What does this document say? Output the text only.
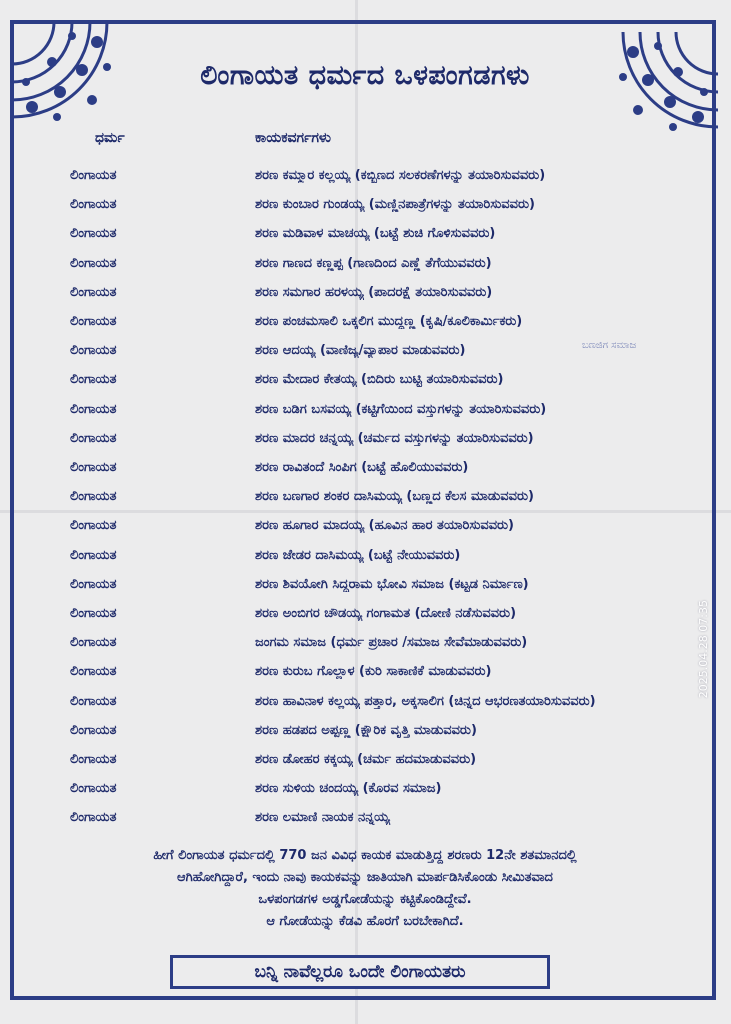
ಲಿಂಗಾಯತ ಧರ್ಮದ ಒಳಪಂಗಡಗಳು
ಧರ್ಮ	ಕಾಯಕವರ್ಗಗಳು
ಲಿಂಗಾಯತ	ಶರಣ ಕಮ್ಮಾರ ಕಲ್ಲಯ್ಯ (ಕಬ್ಬಿಣದ ಸಲಕರಣೆಗಳನ್ನು ತಯಾರಿಸುವವರು)
ಲಿಂಗಾಯತ	ಶರಣ ಕುಂಬಾರ ಗುಂಡಯ್ಯ (ಮಣ್ಣಿನಪಾತ್ರೆಗಳನ್ನು ತಯಾರಿಸುವವರು)
ಲಿಂಗಾಯತ	ಶರಣ ಮಡಿವಾಳ ಮಾಚಯ್ಯ (ಬಟ್ಟೆ ಶುಚಿ ಗೊಳಿಸುವವರು)
ಲಿಂಗಾಯತ	ಶರಣ ಗಾಣದ ಕಣ್ಣಪ್ಪ (ಗಾಣದಿಂದ ಎಣ್ಣೆ ತೆಗೆಯುವವರು)
ಲಿಂಗಾಯತ	ಶರಣ ಸಮಗಾರ ಹರಳಯ್ಯ (ಪಾದರಕ್ಷೆ ತಯಾರಿಸುವವರು)
ಲಿಂಗಾಯತ	ಶರಣ ಪಂಚಮಸಾಲಿ ಒಕ್ಕಲಿಗ ಮುದ್ದಣ್ಣ (ಕೃಷಿ/ಕೂಲಿಕಾರ್ಮಿಕರು)
ಲಿಂಗಾಯತ	ಶರಣ ಆದಯ್ಯ (ವಾಣಿಜ್ಯ/ವ್ಯಾಪಾರ ಮಾಡುವವರು)
ಲಿಂಗಾಯತ	ಶರಣ ಮೇದಾರ ಕೇತಯ್ಯ (ಬಿದಿರು ಬುಟ್ಟಿ ತಯಾರಿಸುವವರು)
ಲಿಂಗಾಯತ	ಶರಣ ಬಡಿಗ ಬಸವಯ್ಯ (ಕಟ್ಟಿಗೆಯಿಂದ ವಸ್ತುಗಳನ್ನು ತಯಾರಿಸುವವರು)
ಲಿಂಗಾಯತ	ಶರಣ ಮಾದರ ಚನ್ನಯ್ಯ (ಚರ್ಮದ ವಸ್ತುಗಳನ್ನು ತಯಾರಿಸುವವರು)
ಲಿಂಗಾಯತ	ಶರಣ ರಾವಿತಂದೆ ಸಿಂಪಿಗ (ಬಟ್ಟೆ ಹೊಲಿಯುವವರು)
ಲಿಂಗಾಯತ	ಶರಣ ಬಣಗಾರ ಶಂಕರ ದಾಸಿಮಯ್ಯ (ಬಣ್ಣದ ಕೆಲಸ ಮಾಡುವವರು)
ಲಿಂಗಾಯತ	ಶರಣ ಹೂಗಾರ ಮಾದಯ್ಯ (ಹೂವಿನ ಹಾರ ತಯಾರಿಸುವವರು)
ಲಿಂಗಾಯತ	ಶರಣ ಜೇಡರ ದಾಸಿಮಯ್ಯ (ಬಟ್ಟೆ ನೇಯುವವರು)
ಲಿಂಗಾಯತ	ಶರಣ ಶಿವಯೋಗಿ ಸಿದ್ಧರಾಮ ಭೋವಿ ಸಮಾಜ (ಕಟ್ಟಡ ನಿರ್ಮಾಣ)
ಲಿಂಗಾಯತ	ಶರಣ ಅಂಬಿಗರ ಚೌಡಯ್ಯ ಗಂಗಾಮತ (ದೋಣಿ ನಡೆಸುವವರು)
ಲಿಂಗಾಯತ	ಜಂಗಮ ಸಮಾಜ (ಧರ್ಮ ಪ್ರಚಾರ /ಸಮಾಜ ಸೇವೆಮಾಡುವವರು)
ಲಿಂಗಾಯತ	ಶರಣ ಕುರುಬ ಗೊಲ್ಲಾಳ (ಕುರಿ ಸಾಕಾಣಿಕೆ ಮಾಡುವವರು)
ಲಿಂಗಾಯತ	ಶರಣ ಹಾವಿನಾಳ ಕಲ್ಲಯ್ಯ ಪತ್ತಾರ, ಅಕ್ಕಸಾಲಿಗ (ಚಿನ್ನದ ಆಭರಣತಯಾರಿಸುವವರು)
ಲಿಂಗಾಯತ	ಶರಣ ಹಡಪದ ಅಪ್ಪಣ್ಣ (ಕ್ಷೌರಿಕ ವೃತ್ತಿ ಮಾಡುವವರು)
ಲಿಂಗಾಯತ	ಶರಣ ಡೋಹರ ಕಕ್ಕಯ್ಯ (ಚರ್ಮ ಹದಮಾಡುವವರು)
ಲಿಂಗಾಯತ	ಶರಣ ಸುಳಿಯ ಚಂದಯ್ಯ (ಕೊರವ ಸಮಾಜ)
ಲಿಂಗಾಯತ	ಶರಣ ಲಮಾಣಿ ನಾಯಕ ನನ್ನಯ್ಯ
ಬಣಜಿಗ ಸಮಾಜ
ಹೀಗೆ ಲಿಂಗಾಯತ ಧರ್ಮದಲ್ಲಿ 770 ಜನ ವಿವಿಧ ಕಾಯಕ ಮಾಡುತ್ತಿದ್ದ ಶರಣರು 12ನೇ ಶತಮಾನದಲ್ಲಿ
ಆಗಿಹೋಗಿದ್ದಾರೆ, ಇಂದು ನಾವು ಕಾಯಕವನ್ನು ಜಾತಿಯಾಗಿ ಮಾರ್ಪಡಿಸಿಕೊಂಡು ಸೀಮಿತವಾದ
ಒಳಪಂಗಡಗಳ ಅಡ್ಡಗೋಡೆಯನ್ನು ಕಟ್ಟಿಕೊಂಡಿದ್ದೇವೆ.
ಆ ಗೋಡೆಯನ್ನು ಕೆಡವಿ ಹೊರಗೆ ಬರಬೇಕಾಗಿದೆ.
ಬನ್ನಿ ನಾವೆಲ್ಲರೂ ಒಂದೇ ಲಿಂಗಾಯತರು
2025.04.28 07:35
